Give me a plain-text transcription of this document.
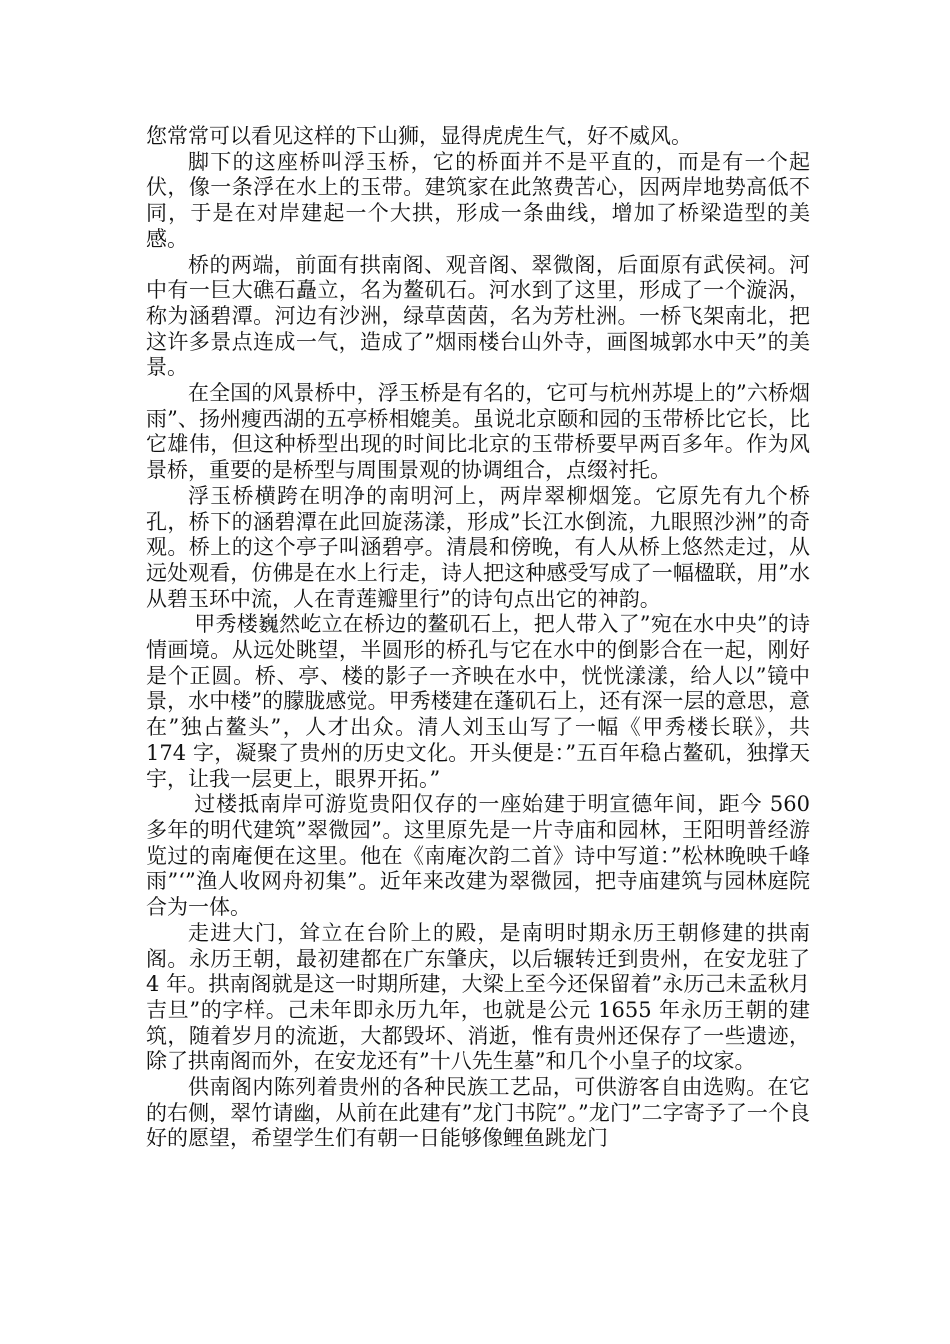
您常常可以看见这样的下山狮，显得虎虎生气，好不威风。

脚下的这座桥叫浮玉桥，它的桥面并不是平直的，而是有一个起伏，像一条浮在水上的玉带。建筑家在此煞费苦心，因两岸地势高低不同，于是在对岸建起一个大拱，形成一条曲线，增加了桥梁造型的美感。

桥的两端，前面有拱南阁、观音阁、翠微阁，后面原有武侯祠。河中有一巨大礁石矗立，名为鳌矶石。河水到了这里，形成了一个漩涡，称为涵碧潭。河边有沙洲，绿草茵茵，名为芳杜洲。一桥飞架南北，把这许多景点连成一气，造成了”烟雨楼台山外寺，画图城郭水中天”的美景。

在全国的风景桥中，浮玉桥是有名的，它可与杭州苏堤上的”六桥烟雨”、扬州瘦西湖的五亭桥相媲美。虽说北京颐和园的玉带桥比它长，比它雄伟，但这种桥型出现的时间比北京的玉带桥要早两百多年。作为风景桥，重要的是桥型与周围景观的协调组合，点缀衬托。

浮玉桥横跨在明净的南明河上，两岸翠柳烟笼。它原先有九个桥孔，桥下的涵碧潭在此回旋荡漾，形成”长江水倒流，九眼照沙洲”的奇观。桥上的这个亭子叫涵碧亭。清晨和傍晚，有人从桥上悠然走过，从远处观看，仿佛是在水上行走，诗人把这种感受写成了一幅楹联，用”水从碧玉环中流，人在青莲瓣里行”的诗句点出它的神韵。

甲秀楼巍然屹立在桥边的鳌矶石上，把人带入了”宛在水中央”的诗情画境。从远处眺望，半圆形的桥孔与它在水中的倒影合在一起，刚好是个正圆。桥、亭、楼的影子一齐映在水中，恍恍漾漾，给人以”镜中景，水中楼”的朦胧感觉。甲秀楼建在蓬矶石上，还有深一层的意思，意在”独占鳌头”，人才出众。清人刘玉山写了一幅《甲秀楼长联》，共 174 字，凝聚了贵州的历史文化。开头便是：”五百年稳占鳌矶，独撑天宇，让我一层更上，眼界开拓。”

过楼抵南岸可游览贵阳仅存的一座始建于明宣德年间，距今 560 多年的明代建筑”翠微园”。这里原先是一片寺庙和园林，王阳明普经游览过的南庵便在这里。他在《南庵次韵二首》诗中写道：”松林晚映千峰雨”‘”渔人收网舟初集”。近年来改建为翠微园，把寺庙建筑与园林庭院合为一体。

走进大门，耸立在台阶上的殿，是南明时期永历王朝修建的拱南阁。永历王朝，最初建都在广东肇庆，以后辗转迁到贵州，在安龙驻了 4 年。拱南阁就是这一时期所建，大梁上至今还保留着”永历己未孟秋月吉旦”的字样。己未年即永历九年，也就是公元 1655 年永历王朝的建筑，随着岁月的流逝，大都毁坏、消逝，惟有贵州还保存了一些遗迹，除了拱南阁而外，在安龙还有”十八先生墓”和几个小皇子的坟家。

供南阁内陈列着贵州的各种民族工艺品，可供游客自由选购。在它的右侧，翠竹请幽，从前在此建有”龙门书院”。”龙门”二字寄予了一个良好的愿望，希望学生们有朝一日能够像鲤鱼跳龙门
